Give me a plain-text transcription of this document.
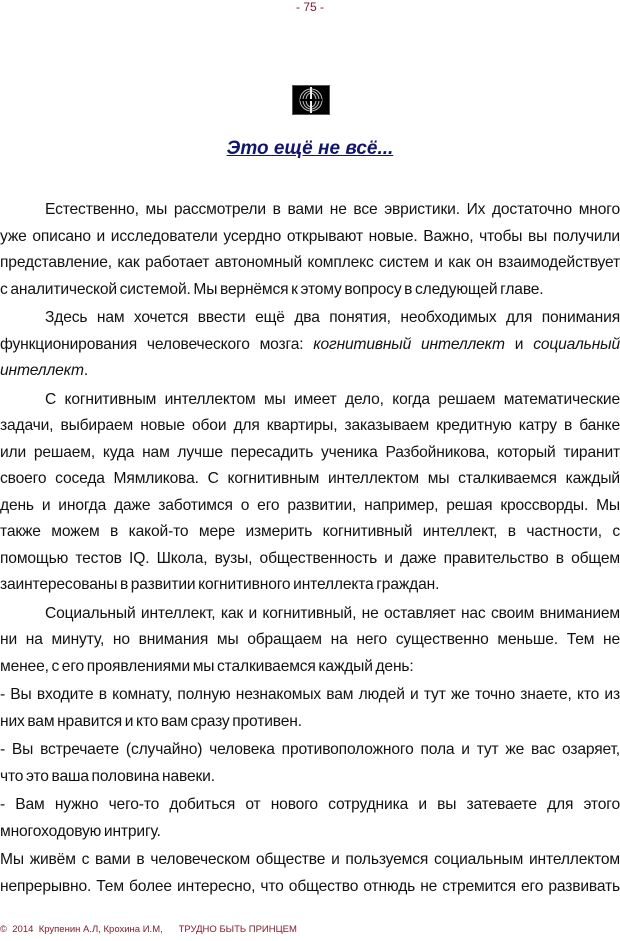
- 75 -
Это ещё не всё...
Естественно, мы рассмотрели в вами не все эвристики. Их достаточно много
уже описано и исследователи усердно открывают новые. Важно, чтобы вы получили
представление, как работает автономный комплекс систем и как он взаимодействует
с аналитической системой. Мы вернёмся к этому вопросу в следующей главе.
Здесь нам хочется ввести ещё два понятия, необходимых для понимания
функционирования человеческого мозга: когнитивный интеллект и социальный
интеллект.
С когнитивным интеллектом мы имеет дело, когда решаем математические
задачи, выбираем новые обои для квартиры, заказываем кредитную катру в банке
или решаем, куда нам лучше пересадить ученика Разбойникова, который тиранит
своего соседа Мямликова. С когнитивным интеллектом мы сталкиваемся каждый
день и иногда даже заботимся о его развитии, например, решая кроссворды. Мы
также можем в какой-то мере измерить когнитивный интеллект, в частности, с
помощью тестов IQ. Школа, вузы, общественность и даже правительство в общем
заинтересованы в развитии когнитивного интеллекта граждан.
Социальный интеллект, как и когнитивный, не оставляет нас своим вниманием
ни на минуту, но внимания мы обращаем на него существенно меньше. Тем не
менее, с его проявлениями мы сталкиваемся каждый день:
- Вы входите в комнату, полную незнакомых вам людей и тут же точно знаете, кто из
них вам нравится и кто вам сразу противен.
- Вы встречаете (случайно) человека противоположного пола и тут же вас озаряет,
что это ваша половина навеки.
- Вам нужно чего-то добиться от нового сотрудника и вы затеваете для этого
многоходовую интригу.
Мы живём с вами в человеческом обществе и пользуемся социальным интеллектом
непрерывно. Тем более интересно, что общество отнюдь не стремится его развивать
©  2014  Крупенин А.Л, Крохина И.М,      ТРУДНО БЫТЬ ПРИНЦЕМ
